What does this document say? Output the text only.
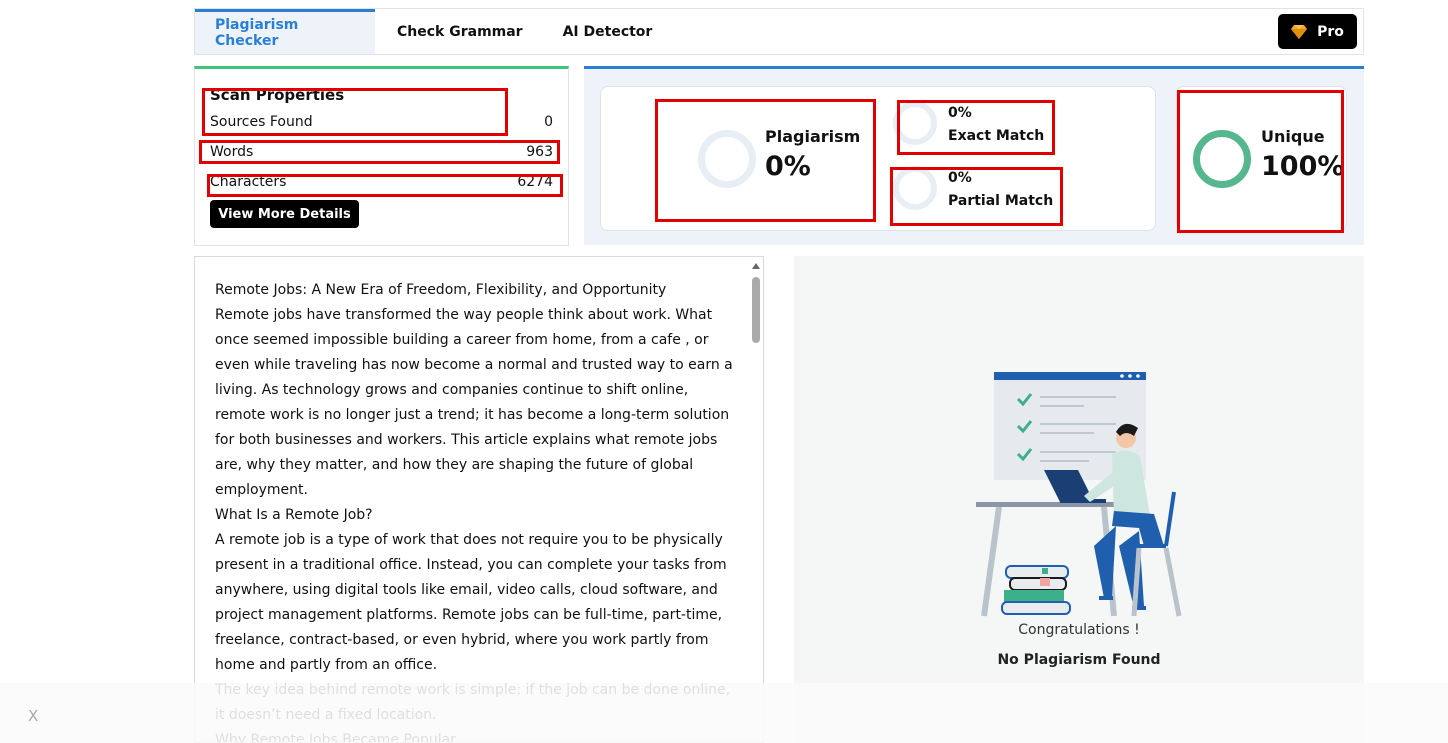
Plagiarism Checker
Check Grammar	AI Detector	Pro
Scan Properties
Sources Found	0
Words	963
Characters	6274
View More Details
Plagiarism
0%
0%
Exact Match
0%
Partial Match
Unique
100%

Remote Jobs: A New Era of Freedom, Flexibility, and Opportunity

Remote jobs have transformed the way people think about work. What once seemed impossible building a career from home, from a cafe , or even while traveling has now become a normal and trusted way to earn a living. As technology grows and companies continue to shift online, remote work is no longer just a trend; it has become a long-term solution for both businesses and workers. This article explains what remote jobs are, why they matter, and how they are shaping the future of global employment.

What Is a Remote Job?

A remote job is a type of work that does not require you to be physically present in a traditional office. Instead, you can complete your tasks from anywhere, using digital tools like email, video calls, cloud software, and project management platforms. Remote jobs can be full-time, part-time, freelance, contract-based, or even hybrid, where you work partly from home and partly from an office.

Congratulations !
No Plagiarism Found
X
